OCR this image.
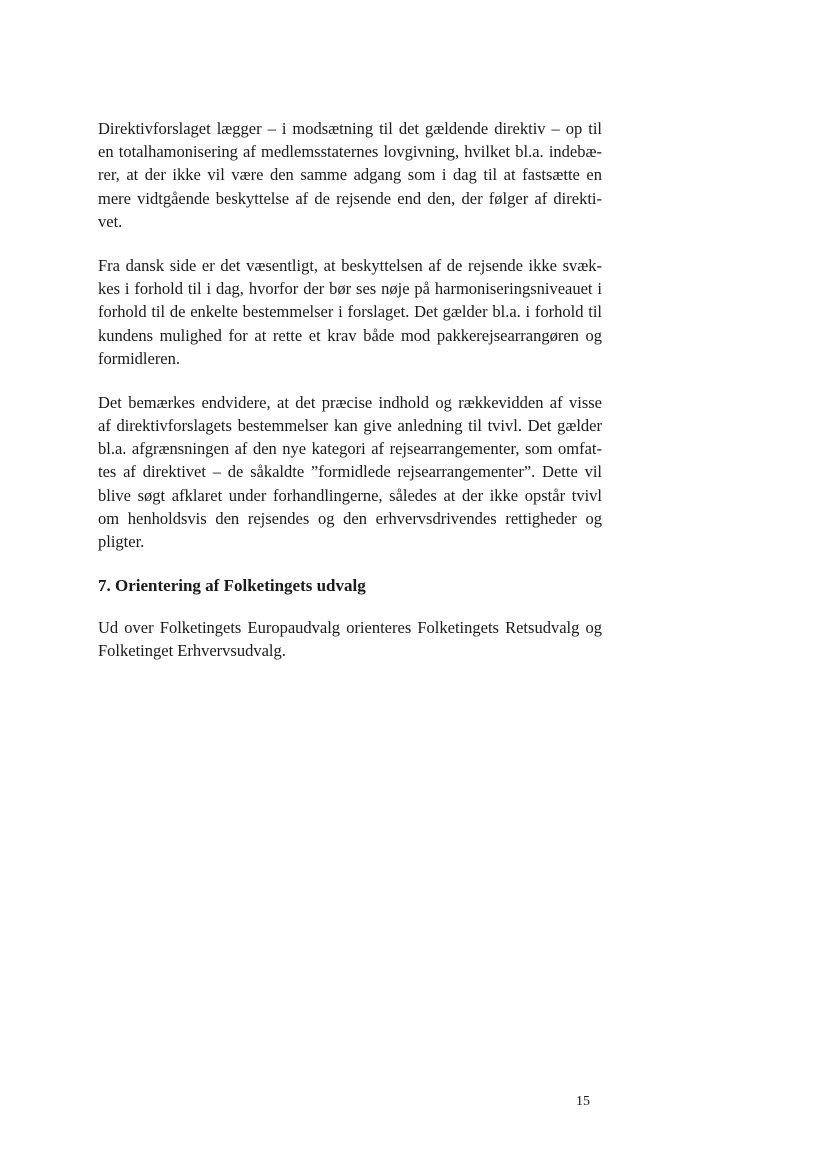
Direktivforslaget lægger – i modsætning til det gældende direktiv – op til
en totalhamonisering af medlemsstaternes lovgivning, hvilket bl.a. indebæ-
rer, at der ikke vil være den samme adgang som i dag til at fastsætte en
mere vidtgående beskyttelse af de rejsende end den, der følger af direkti-
vet.
Fra dansk side er det væsentligt, at beskyttelsen af de rejsende ikke svæk-
kes i forhold til i dag, hvorfor der bør ses nøje på harmoniseringsniveauet i
forhold til de enkelte bestemmelser i forslaget. Det gælder bl.a. i forhold til
kundens mulighed for at rette et krav både mod pakkerejsearrangøren og
formidleren.
Det bemærkes endvidere, at det præcise indhold og rækkevidden af visse
af direktivforslagets bestemmelser kan give anledning til tvivl. Det gælder
bl.a. afgrænsningen af den nye kategori af rejsearrangementer, som omfat-
tes af direktivet – de såkaldte ”formidlede rejsearrangementer”. Dette vil
blive søgt afklaret under forhandlingerne, således at der ikke opstår tvivl
om henholdsvis den rejsendes og den erhvervsdrivendes rettigheder og
pligter.
7. Orientering af Folketingets udvalg
Ud over Folketingets Europaudvalg orienteres Folketingets Retsudvalg og
Folketinget Erhvervsudvalg.
15
